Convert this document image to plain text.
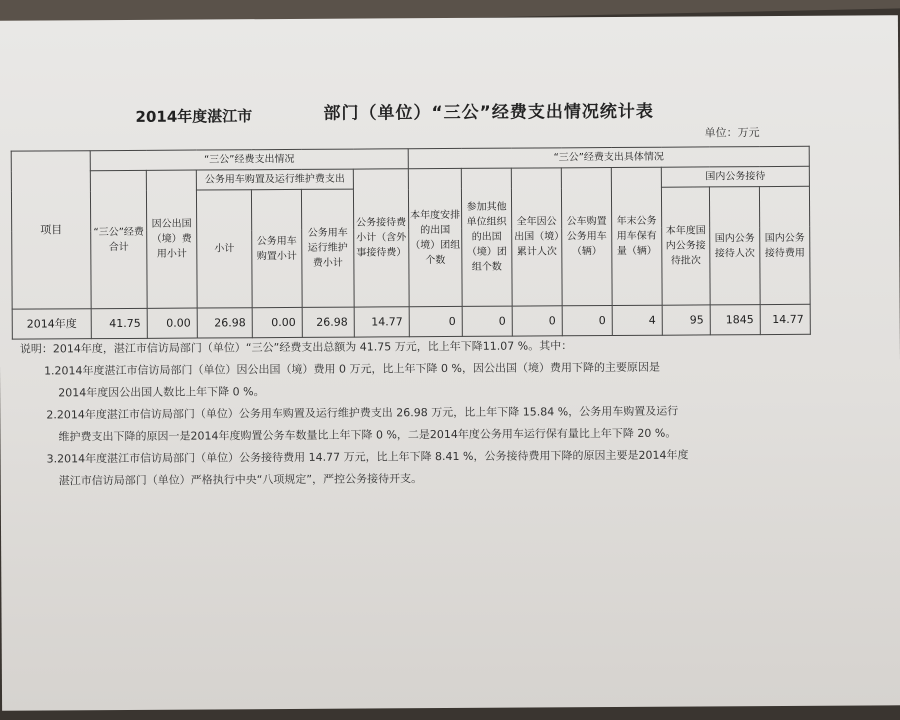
2014年度湛江市	部门（单位）“三公”经费支出情况统计表
单位：万元
项目	“三公”经费支出情况						“三公”经费支出具体情况							
	“三公”经费合计	因公出国（境）费用小计	公务用车购置及运行维护费支出			公务接待费小计（含外事接待费）	本年度安排的出国（境）团组个数	参加其他单位组织的出国（境）团组个数	全年因公出国（境）累计人次	公车购置公务用车（辆）	年末公务用车保有量（辆）	国内公务接待		
			小计	公务用车购置小计	公务用车运行维护费小计							本年度国内公务接待批次	国内公务接待人次	国内公务接待费用

2014年度	41.75	0.00	26.98	0.00	26.98	14.77	0	0	0	0	4	95	1845	14.77
说明：2014年度，湛江市信访局部门（单位）“三公”经费支出总额为 41.75 万元，比上年下降11.07 %。其中：
1.2014年度湛江市信访局部门（单位）因公出国（境）费用 0 万元，比上年下降 0 %，因公出国（境）费用下降的主要原因是
2014年度因公出国人数比上年下降 0 %。
2.2014年度湛江市信访局部门（单位）公务用车购置及运行维护费支出 26.98 万元，比上年下降 15.84 %，公务用车购置及运行
维护费支出下降的原因一是2014年度购置公务车数量比上年下降 0 %，二是2014年度公务用车运行保有量比上年下降 20 %。
3.2014年度湛江市信访局部门（单位）公务接待费用 14.77 万元，比上年下降 8.41 %，公务接待费用下降的原因主要是2014年度
湛江市信访局部门（单位）严格执行中央“八项规定”，严控公务接待开支。
